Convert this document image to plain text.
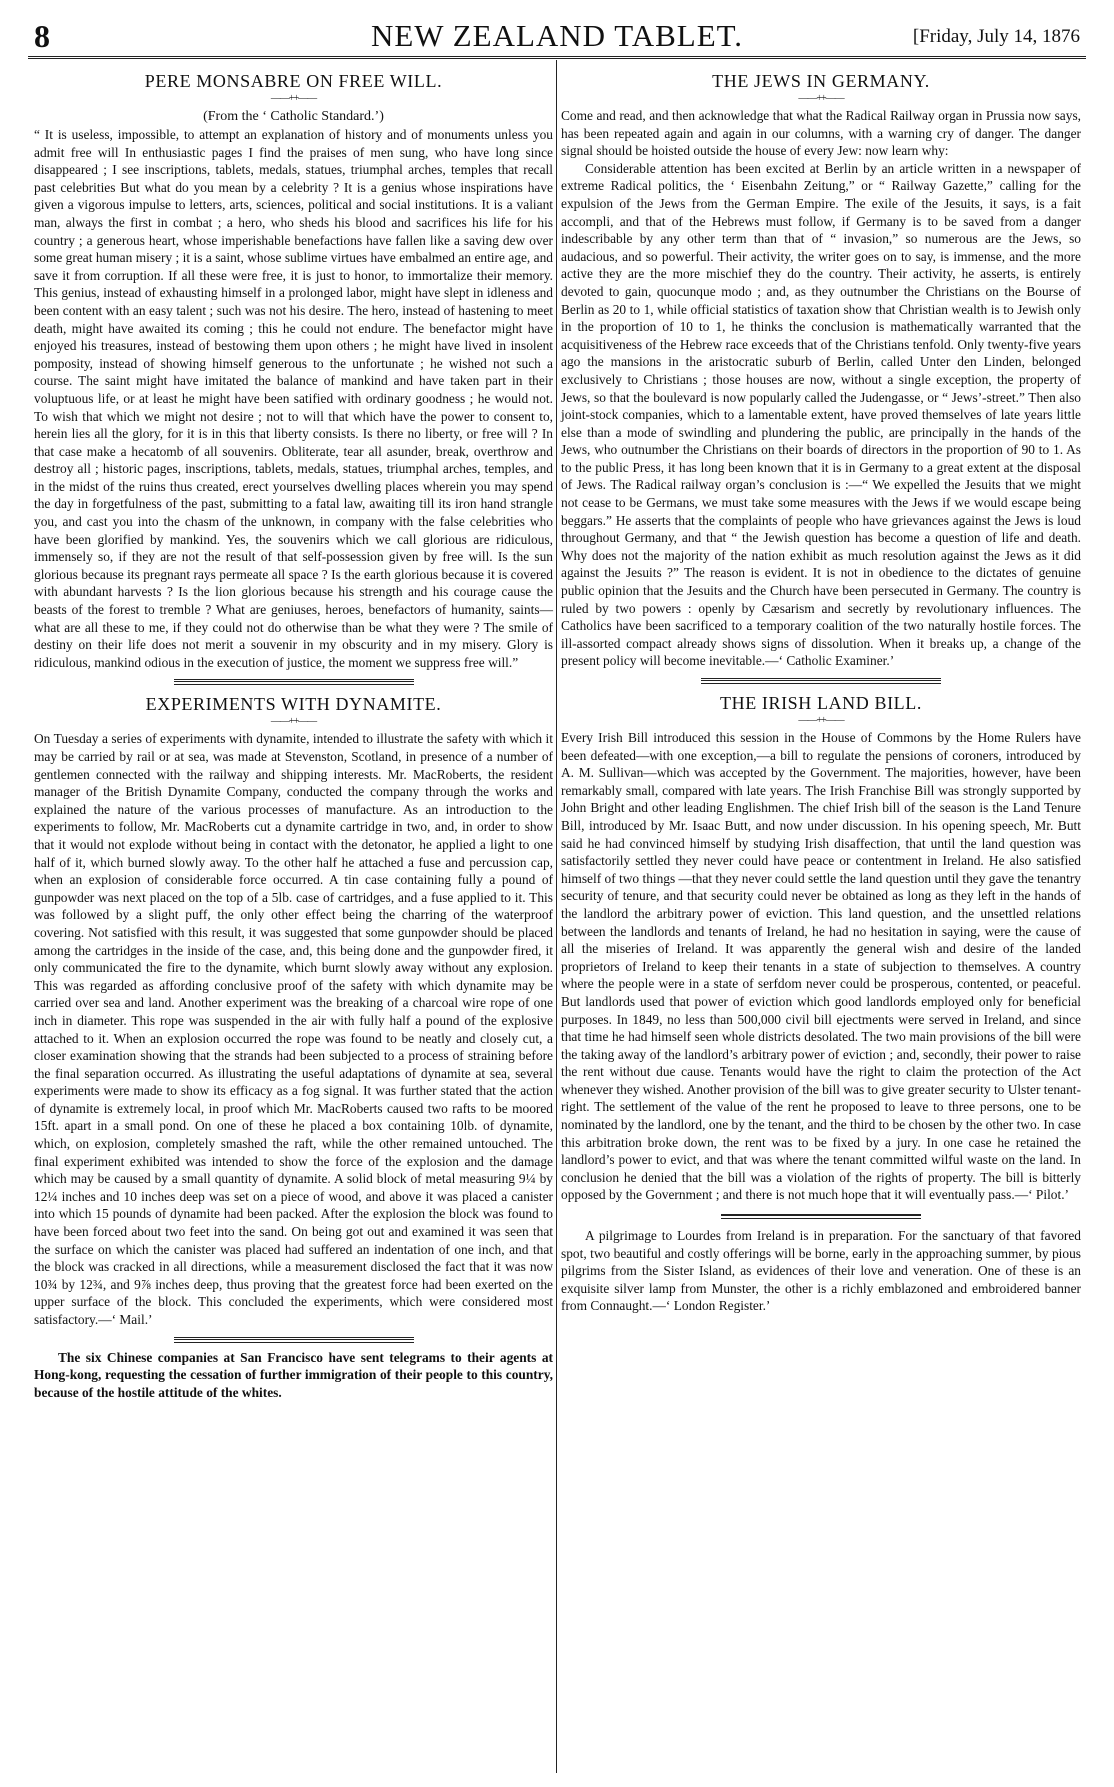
8	NEW ZEALAND TABLET.	[Friday, July 14, 1876
PERE MONSABRE ON FREE WILL.
——++——
(From the ‘ Catholic Standard.’)

“ It is useless, impossible, to attempt an explanation of history and of monuments unless you admit free will In enthusiastic pages I find the praises of men sung, who have long since disappeared ; I see inscriptions, tablets, medals, statues, triumphal arches, temples that recall past celebrities But what do you mean by a celebrity ? It is a genius whose inspirations have given a vigorous impulse to letters, arts, sciences, political and social institutions. It is a valiant man, always the first in combat ; a hero, who sheds his blood and sacrifices his life for his country ; a generous heart, whose imperishable benefactions have fallen like a saving dew over some great human misery ; it is a saint, whose sublime virtues have embalmed an entire age, and save it from corruption. If all these were free, it is just to honor, to immortalize their memory. This genius, instead of exhausting himself in a prolonged labor, might have slept in idleness and been content with an easy talent ; such was not his desire. The hero, instead of hastening to meet death, might have awaited its coming ; this he could not endure. The benefactor might have enjoyed his treasures, instead of bestowing them upon others ; he might have lived in insolent pomposity, instead of showing himself generous to the unfortunate ; he wished not such a course. The saint might have imitated the balance of mankind and have taken part in their voluptuous life, or at least he might have been satified with ordinary goodness ; he would not. To wish that which we might not desire ; not to will that which have the power to consent to, herein lies all the glory, for it is in this that liberty consists. Is there no liberty, or free will ? In that case make a hecatomb of all souvenirs. Obliterate, tear all asunder, break, overthrow and destroy all ; historic pages, inscriptions, tablets, medals, statues, triumphal arches, temples, and in the midst of the ruins thus created, erect yourselves dwelling places wherein you may spend the day in forgetfulness of the past, submitting to a fatal law, awaiting till its iron hand strangle you, and cast you into the chasm of the unknown, in company with the false celebrities who have been glorified by mankind. Yes, the souvenirs which we call glorious are ridiculous, immensely so, if they are not the result of that self-possession given by free will. Is the sun glorious because its pregnant rays permeate all space ? Is the earth glorious because it is covered with abundant harvests ? Is the lion glorious because his strength and his courage cause the beasts of the forest to tremble ? What are geniuses, heroes, benefactors of humanity, saints—what are all these to me, if they could not do otherwise than be what they were ? The smile of destiny on their life does not merit a souvenir in my obscurity and in my misery. Glory is ridiculous, mankind odious in the execution of justice, the moment we suppress free will.”

EXPERIMENTS WITH DYNAMITE.
——++——

On Tuesday a series of experiments with dynamite, intended to illustrate the safety with which it may be carried by rail or at sea, was made at Stevenston, Scotland, in presence of a number of gentlemen connected with the railway and shipping interests. Mr. MacRoberts, the resident manager of the British Dynamite Company, conducted the company through the works and explained the nature of the various processes of manufacture. As an introduction to the experiments to follow, Mr. MacRoberts cut a dynamite cartridge in two, and, in order to show that it would not explode without being in contact with the detonator, he applied a light to one half of it, which burned slowly away. To the other half he attached a fuse and percussion cap, when an explosion of considerable force occurred. A tin case containing fully a pound of gunpowder was next placed on the top of a 5lb. case of cartridges, and a fuse applied to it. This was followed by a slight puff, the only other effect being the charring of the waterproof covering. Not satisfied with this result, it was suggested that some gunpowder should be placed among the cartridges in the inside of the case, and, this being done and the gunpowder fired, it only communicated the fire to the dynamite, which burnt slowly away without any explosion. This was regarded as affording conclusive proof of the safety with which dynamite may be carried over sea and land. Another experiment was the breaking of a charcoal wire rope of one inch in diameter. This rope was suspended in the air with fully half a pound of the explosive attached to it. When an explosion occurred the rope was found to be neatly and closely cut, a closer examination showing that the strands had been subjected to a process of straining before the final separation occurred. As illustrating the useful adaptations of dynamite at sea, several experiments were made to show its efficacy as a fog signal. It was further stated that the action of dynamite is extremely local, in proof which Mr. MacRoberts caused two rafts to be moored 15ft. apart in a small pond. On one of these he placed a box containing 10lb. of dynamite, which, on explosion, completely smashed the raft, while the other remained untouched. The final experiment exhibited was intended to show the force of the explosion and the damage which may be caused by a small quantity of dynamite. A solid block of metal measuring 9¼ by 12¼ inches and 10 inches deep was set on a piece of wood, and above it was placed a canister into which 15 pounds of dynamite had been packed. After the explosion the block was found to have been forced about two feet into the sand. On being got out and examined it was seen that the surface on which the canister was placed had suffered an indentation of one inch, and that the block was cracked in all directions, while a measurement disclosed the fact that it was now 10¾ by 12¾, and 9⅞ inches deep, thus proving that the greatest force had been exerted on the upper surface of the block. This concluded the experiments, which were considered most satisfactory.—‘ Mail.’

The six Chinese companies at San Francisco have sent telegrams to their agents at Hong-kong, requesting the cessation of further immigration of their people to this country, because of the hostile attitude of the whites.

THE JEWS IN GERMANY.
——++——

Come and read, and then acknowledge that what the Radical Railway organ in Prussia now says, has been repeated again and again in our columns, with a warning cry of danger. The danger signal should be hoisted outside the house of every Jew: now learn why:

Considerable attention has been excited at Berlin by an article written in a newspaper of extreme Radical politics, the ‘ Eisenbahn Zeitung,” or “ Railway Gazette,” calling for the expulsion of the Jews from the German Empire. The exile of the Jesuits, it says, is a fait accompli, and that of the Hebrews must follow, if Germany is to be saved from a danger indescribable by any other term than that of “ invasion,” so numerous are the Jews, so audacious, and so powerful. Their activity, the writer goes on to say, is immense, and the more active they are the more mischief they do the country. Their activity, he asserts, is entirely devoted to gain, quocunque modo ; and, as they outnumber the Christians on the Bourse of Berlin as 20 to 1, while official statistics of taxation show that Christian wealth is to Jewish only in the proportion of 10 to 1, he thinks the conclusion is mathematically warranted that the acquisitiveness of the Hebrew race exceeds that of the Christians tenfold. Only twenty-five years ago the mansions in the aristocratic suburb of Berlin, called Unter den Linden, belonged exclusively to Christians ; those houses are now, without a single exception, the property of Jews, so that the boulevard is now popularly called the Judengasse, or “ Jews’-street.” Then also joint-stock companies, which to a lamentable extent, have proved themselves of late years little else than a mode of swindling and plundering the public, are principally in the hands of the Jews, who outnumber the Christians on their boards of directors in the proportion of 90 to 1. As to the public Press, it has long been known that it is in Germany to a great extent at the disposal of Jews. The Radical railway organ’s conclusion is :—“ We expelled the Jesuits that we might not cease to be Germans, we must take some measures with the Jews if we would escape being beggars.” He asserts that the complaints of people who have grievances against the Jews is loud throughout Germany, and that “ the Jewish question has become a question of life and death. Why does not the majority of the nation exhibit as much resolution against the Jews as it did against the Jesuits ?” The reason is evident. It is not in obedience to the dictates of genuine public opinion that the Jesuits and the Church have been persecuted in Germany. The country is ruled by two powers : openly by Cæsarism and secretly by revolutionary influences. The Catholics have been sacrificed to a temporary coalition of the two naturally hostile forces. The ill-assorted compact already shows signs of dissolution. When it breaks up, a change of the present policy will become inevitable.—‘ Catholic Examiner.’

THE IRISH LAND BILL.
——++——

Every Irish Bill introduced this session in the House of Commons by the Home Rulers have been defeated—with one exception,—a bill to regulate the pensions of coroners, introduced by A. M. Sullivan—which was accepted by the Government. The majorities, however, have been remarkably small, compared with late years. The Irish Franchise Bill was strongly supported by John Bright and other leading Englishmen. The chief Irish bill of the season is the Land Tenure Bill, introduced by Mr. Isaac Butt, and now under discussion. In his opening speech, Mr. Butt said he had convinced himself by studying Irish disaffection, that until the land question was satisfactorily settled they never could have peace or contentment in Ireland. He also satisfied himself of two things —that they never could settle the land question until they gave the tenantry security of tenure, and that security could never be obtained as long as they left in the hands of the landlord the arbitrary power of eviction. This land question, and the unsettled relations between the landlords and tenants of Ireland, he had no hesitation in saying, were the cause of all the miseries of Ireland. It was apparently the general wish and desire of the landed proprietors of Ireland to keep their tenants in a state of subjection to themselves. A country where the people were in a state of serfdom never could be prosperous, contented, or peaceful. But landlords used that power of eviction which good landlords employed only for beneficial purposes. In 1849, no less than 500,000 civil bill ejectments were served in Ireland, and since that time he had himself seen whole districts desolated. The two main provisions of the bill were the taking away of the landlord’s arbitrary power of eviction ; and, secondly, their power to raise the rent without due cause. Tenants would have the right to claim the protection of the Act whenever they wished. Another provision of the bill was to give greater security to Ulster tenant-right. The settlement of the value of the rent he proposed to leave to three persons, one to be nominated by the landlord, one by the tenant, and the third to be chosen by the other two. In case this arbitration broke down, the rent was to be fixed by a jury. In one case he retained the landlord’s power to evict, and that was where the tenant committed wilful waste on the land. In conclusion he denied that the bill was a violation of the rights of property. The bill is bitterly opposed by the Government ; and there is not much hope that it will eventually pass.—‘ Pilot.’

A pilgrimage to Lourdes from Ireland is in preparation. For the sanctuary of that favored spot, two beautiful and costly offerings will be borne, early in the approaching summer, by pious pilgrims from the Sister Island, as evidences of their love and veneration. One of these is an exquisite silver lamp from Munster, the other is a richly emblazoned and embroidered banner from Connaught.—‘ London Register.’
